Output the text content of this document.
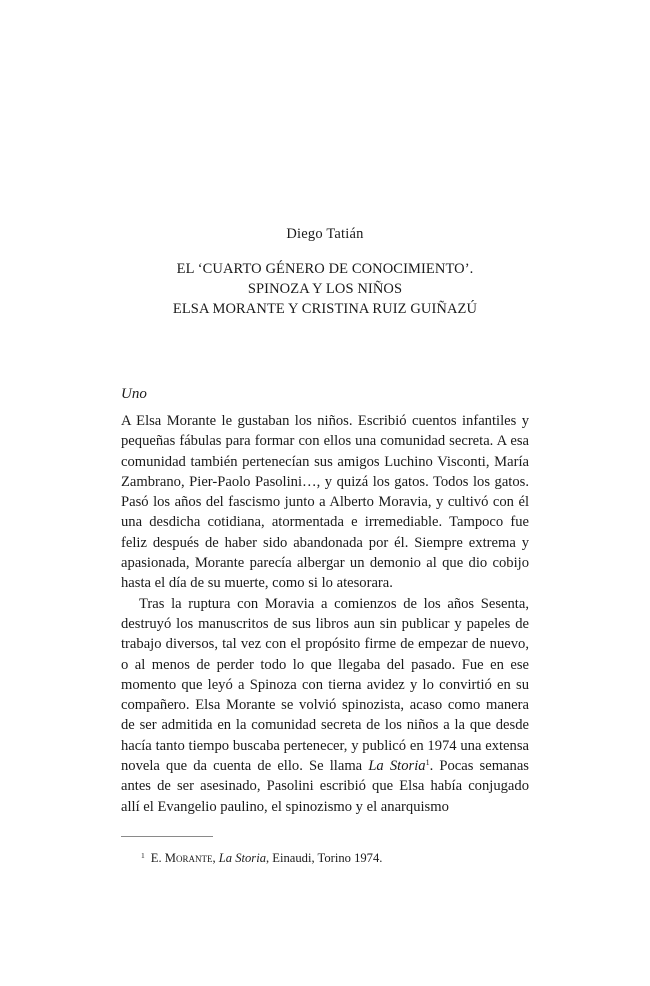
Diego Tatián
EL ‘CUARTO GÉNERO DE CONOCIMIENTO’.
SPINOZA Y LOS NIÑOS
ELSA MORANTE Y CRISTINA RUIZ GUIÑAZÚ
Uno

A Elsa Morante le gustaban los niños. Escribió cuentos infantiles y pequeñas fábulas para formar con ellos una comunidad secreta. A esa comunidad también pertenecían sus amigos Luchino Visconti, María Zambrano, Pier-Paolo Pasolini…, y quizá los gatos. Todos los gatos. Pasó los años del fascismo junto a Alberto Moravia, y cultivó con él una desdicha cotidiana, atormentada e irremediable. Tampoco fue feliz después de haber sido abandonada por él. Siempre extrema y apasionada, Morante parecía albergar un demonio al que dio cobijo hasta el día de su muerte, como si lo atesorara.

Tras la ruptura con Moravia a comienzos de los años Sesenta, destruyó los manuscritos de sus libros aun sin publicar y papeles de trabajo diversos, tal vez con el propósito firme de empezar de nuevo, o al menos de perder todo lo que llegaba del pasado. Fue en ese momento que leyó a Spinoza con tierna avidez y lo convirtió en su compañero. Elsa Morante se volvió spinozista, acaso como manera de ser admitida en la comunidad secreta de los niños a la que desde hacía tanto tiempo buscaba pertenecer, y publicó en 1974 una extensa novela que da cuenta de ello. Se llama La Storia$^1$. Pocas semanas antes de ser asesinado, Pasolini escribió que Elsa había conjugado allí el Evangelio paulino, el spinozismo y el anarquismo

$^1$ E. Morante, La Storia, Einaudi, Torino 1974.
